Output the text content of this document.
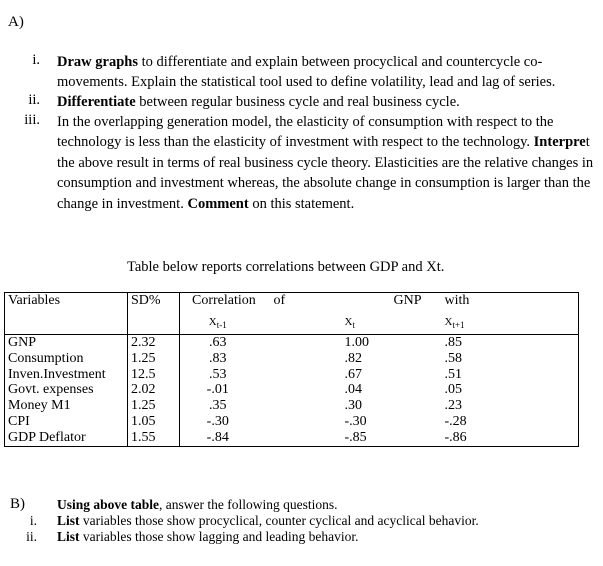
A)
i. Draw graphs to differentiate and explain between procyclical and countercycle co-movements. Explain the statistical tool used to define volatility, lead and lag of series.
ii. Differentiate between regular business cycle and real business cycle.
iii. In the overlapping generation model, the elasticity of consumption with respect to the technology is less than the elasticity of investment with respect to the technology. Interpret the above result in terms of real business cycle theory. Elasticities are the relative changes in consumption and investment whereas, the absolute change in consumption is larger than the change in investment. Comment on this statement.
Table below reports correlations between GDP and Xt.
Variables	SD%	Correlation	of	GNP	with
		$X_{t-1}$		$X_t$	$X_{t+1}$
GNP	2.32	.63		1.00	.85
Consumption	1.25	.83		.82	.58
Inven.Investment	12.5	.53		.67	.51
Govt. expenses	2.02	-.01		.04	.05
Money M1	1.25	.35		.30	.23
CPI	1.05	-.30		-.30	-.28
GDP Deflator	1.55	-.84		-.85	-.86
B) Using above table, answer the following questions.
i. List variables those show procyclical, counter cyclical and acyclical behavior.
ii. List variables those show lagging and leading behavior.
